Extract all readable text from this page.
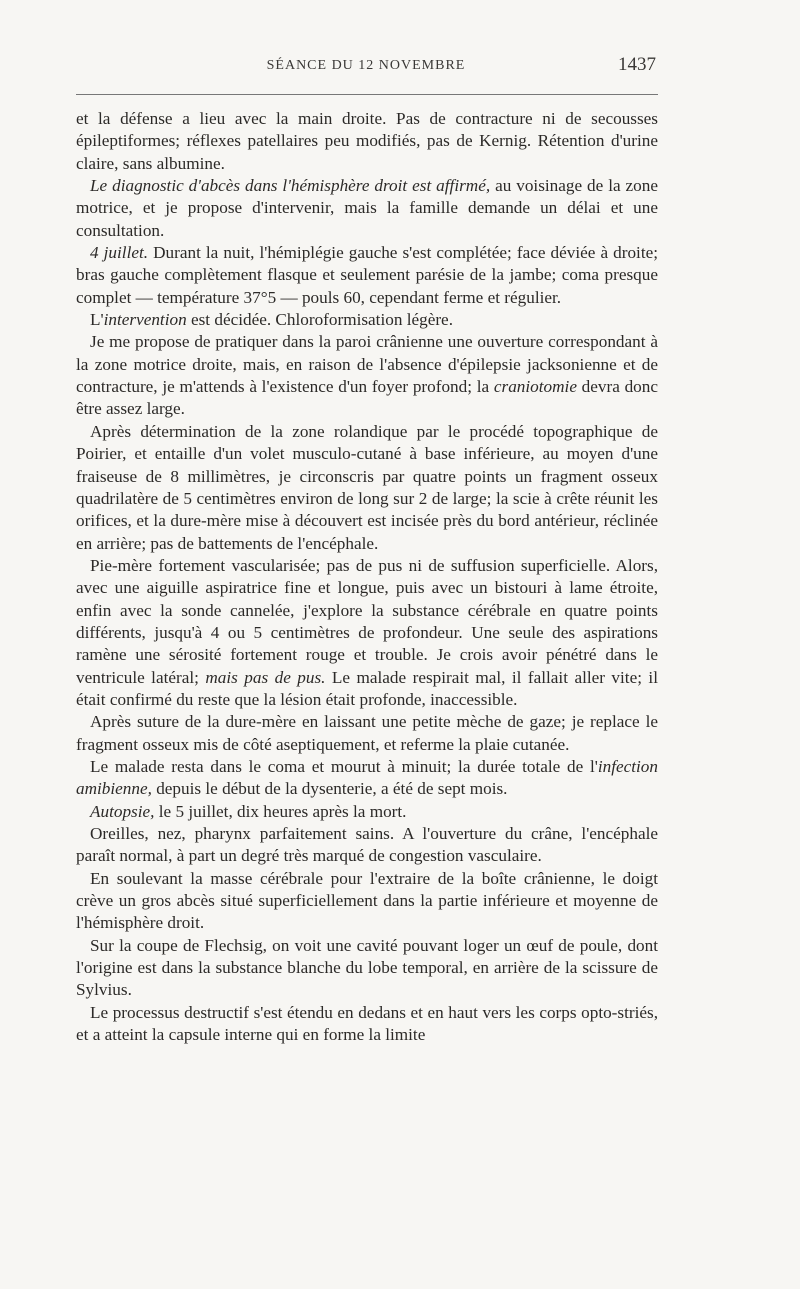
SÉANCE DU 12 NOVEMBRE	1437

et la défense a lieu avec la main droite. Pas de contracture ni de secousses épileptiformes; réflexes patellaires peu modifiés, pas de Kernig. Rétention d'urine claire, sans albumine.

Le diagnostic d'abcès dans l'hémisphère droit est affirmé, au voisinage de la zone motrice, et je propose d'intervenir, mais la famille demande un délai et une consultation.

4 juillet. Durant la nuit, l'hémiplégie gauche s'est complétée; face déviée à droite; bras gauche complètement flasque et seulement parésie de la jambe; coma presque complet — température 37°5 — pouls 60, cependant ferme et régulier.

L'intervention est décidée. Chloroformisation légère.

Je me propose de pratiquer dans la paroi crânienne une ouverture correspondant à la zone motrice droite, mais, en raison de l'absence d'épilepsie jacksonienne et de contracture, je m'attends à l'existence d'un foyer profond; la craniotomie devra donc être assez large.

Après détermination de la zone rolandique par le procédé topographique de Poirier, et entaille d'un volet musculo-cutané à base inférieure, au moyen d'une fraiseuse de 8 millimètres, je circonscris par quatre points un fragment osseux quadrilatère de 5 centimètres environ de long sur 2 de large; la scie à crête réunit les orifices, et la dure-mère mise à découvert est incisée près du bord antérieur, réclinée en arrière; pas de battements de l'encéphale.

Pie-mère fortement vascularisée; pas de pus ni de suffusion superficielle. Alors, avec une aiguille aspiratrice fine et longue, puis avec un bistouri à lame étroite, enfin avec la sonde cannelée, j'explore la substance cérébrale en quatre points différents, jusqu'à 4 ou 5 centimètres de profondeur. Une seule des aspirations ramène une sérosité fortement rouge et trouble. Je crois avoir pénétré dans le ventricule latéral; mais pas de pus. Le malade respirait mal, il fallait aller vite; il était confirmé du reste que la lésion était profonde, inaccessible.

Après suture de la dure-mère en laissant une petite mèche de gaze; je replace le fragment osseux mis de côté aseptiquement, et referme la plaie cutanée.

Le malade resta dans le coma et mourut à minuit; la durée totale de l'infection amibienne, depuis le début de la dysenterie, a été de sept mois.

Autopsie, le 5 juillet, dix heures après la mort.

Oreilles, nez, pharynx parfaitement sains. A l'ouverture du crâne, l'encéphale paraît normal, à part un degré très marqué de congestion vasculaire.

En soulevant la masse cérébrale pour l'extraire de la boîte crânienne, le doigt crève un gros abcès situé superficiellement dans la partie inférieure et moyenne de l'hémisphère droit.

Sur la coupe de Flechsig, on voit une cavité pouvant loger un œuf de poule, dont l'origine est dans la substance blanche du lobe temporal, en arrière de la scissure de Sylvius.

Le processus destructif s'est étendu en dedans et en haut vers les corps opto-striés, et a atteint la capsule interne qui en forme la limite
